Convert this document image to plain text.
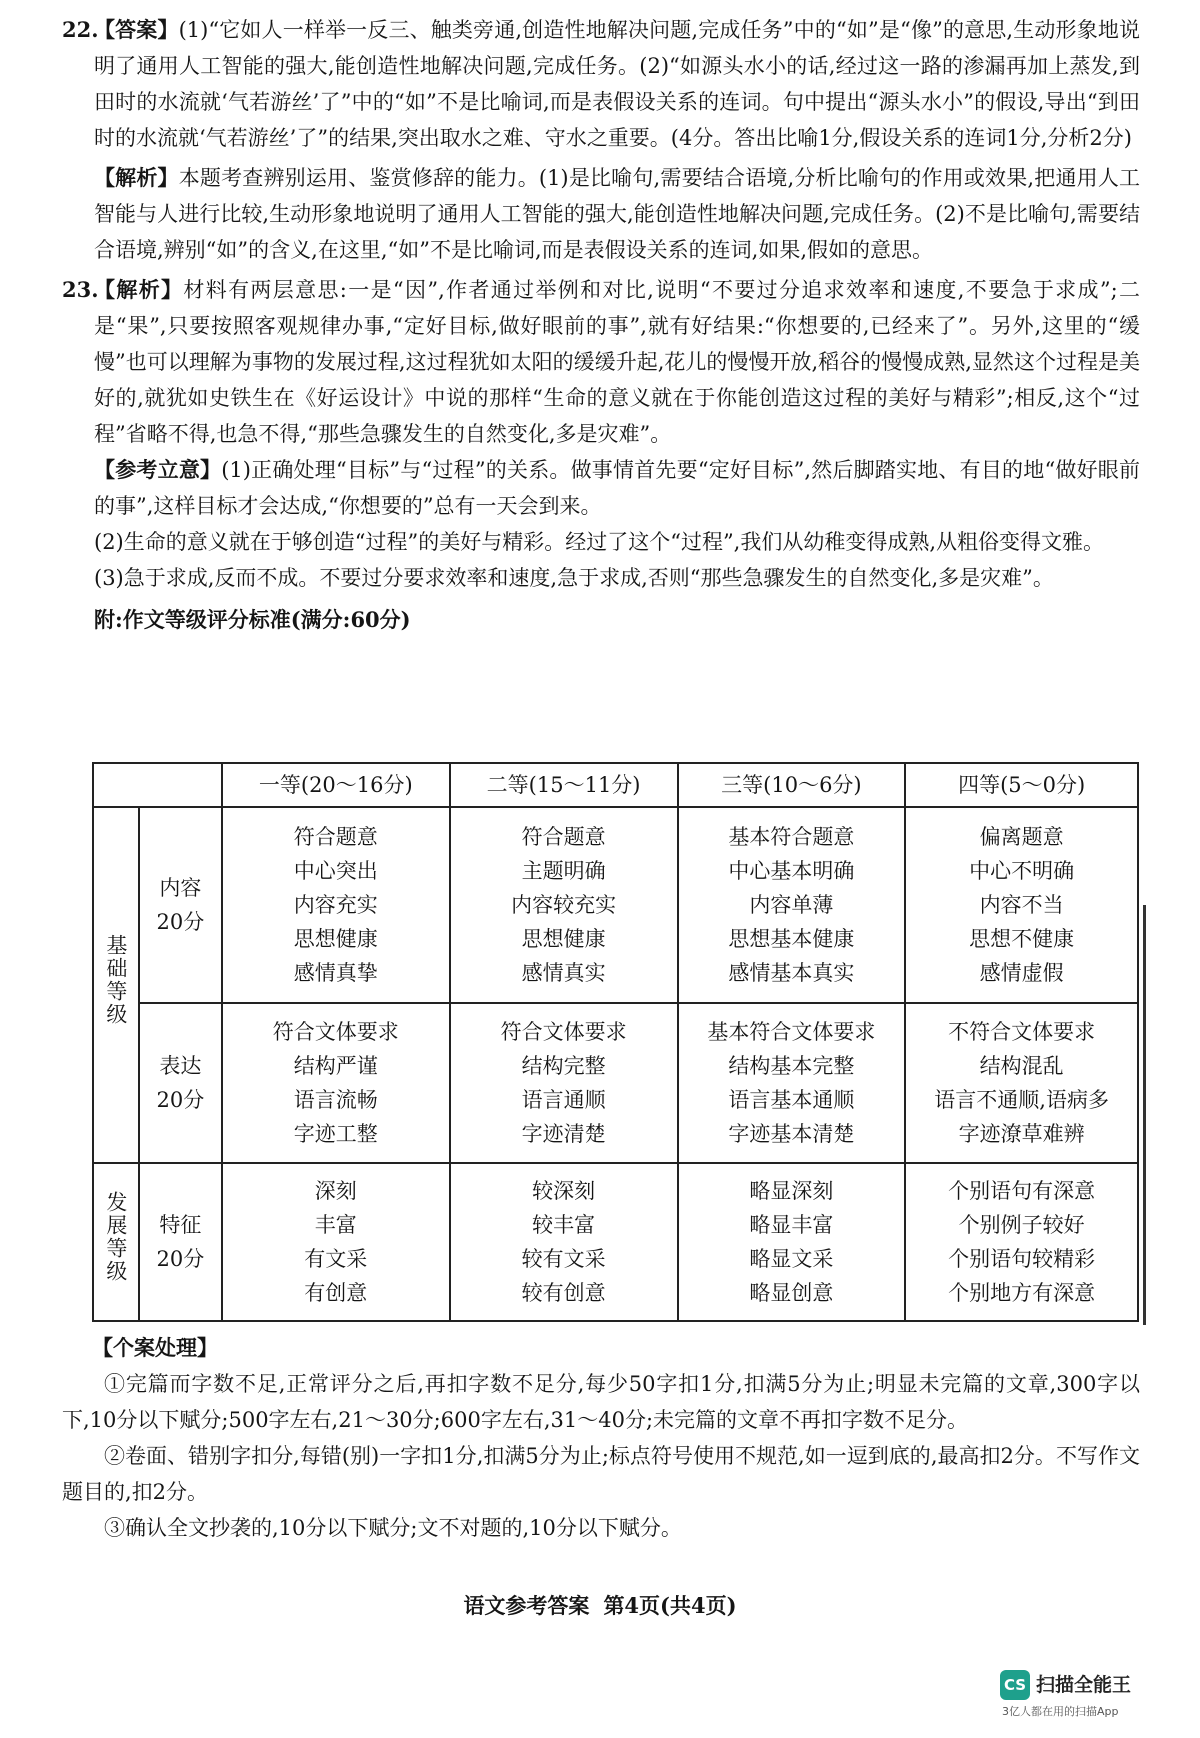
22.
【答案】(1)“它如人一样举一反三、触类旁通,创造性地解决问题,完成任务”中的“如”是“像”的意思,生动形象地说明了通用人工智能的强大,能创造性地解决问题,完成任务。(2)“如源头水小的话,经过这一路的渗漏再加上蒸发,到田时的水流就‘气若游丝’了”中的“如”不是比喻词,而是表假设关系的连词。句中提出“源头水小”的假设,导出“到田时的水流就‘气若游丝’了”的结果,突出取水之难、守水之重要。(4分。答出比喻1分,假设关系的连词1分,分析2分)
【解析】本题考查辨别运用、鉴赏修辞的能力。(1)是比喻句,需要结合语境,分析比喻句的作用或效果,把通用人工智能与人进行比较,生动形象地说明了通用人工智能的强大,能创造性地解决问题,完成任务。(2)不是比喻句,需要结合语境,辨别“如”的含义,在这里,“如”不是比喻词,而是表假设关系的连词,如果,假如的意思。
23.
【解析】材料有两层意思:一是“因”,作者通过举例和对比,说明“不要过分追求效率和速度,不要急于求成”;二是“果”,只要按照客观规律办事,“定好目标,做好眼前的事”,就有好结果:“你想要的,已经来了”。另外,这里的“缓慢”也可以理解为事物的发展过程,这过程犹如太阳的缓缓升起,花儿的慢慢开放,稻谷的慢慢成熟,显然这个过程是美好的,就犹如史铁生在《好运设计》中说的那样“生命的意义就在于你能创造这过程的美好与精彩”;相反,这个“过程”省略不得,也急不得,“那些急骤发生的自然变化,多是灾难”。
【参考立意】(1)正确处理“目标”与“过程”的关系。做事情首先要“定好目标”,然后脚踏实地、有目的地“做好眼前的事”,这样目标才会达成,“你想要的”总有一天会到来。
(2)生命的意义就在于够创造“过程”的美好与精彩。经过了这个“过程”,我们从幼稚变得成熟,从粗俗变得文雅。
(3)急于求成,反而不成。不要过分要求效率和速度,急于求成,否则“那些急骤发生的自然变化,多是灾难”。
附:作文等级评分标准(满分:60分)
		一等(20～16分)	二等(15～11分)	三等(10～6分)	四等(5～0分)
基础等级	内容
20分	符合题意
中心突出
内容充实
思想健康
感情真挚	符合题意
主题明确
内容较充实
思想健康
感情真实	基本符合题意
中心基本明确
内容单薄
思想基本健康
感情基本真实	偏离题意
中心不明确
内容不当
思想不健康
感情虚假

	表达
20分	符合文体要求
结构严谨
语言流畅
字迹工整	符合文体要求
结构完整
语言通顺
字迹清楚	基本符合文体要求
结构基本完整
语言基本通顺
字迹基本清楚	不符合文体要求
结构混乱
语言不通顺,语病多
字迹潦草难辨

发展等级	特征
20分	深刻
丰富
有文采
有创意	较深刻
较丰富
较有文采
较有创意	略显深刻
略显丰富
略显文采
略显创意	个别语句有深意
个别例子较好
个别语句较精彩
个别地方有深意
【个案处理】
①完篇而字数不足,正常评分之后,再扣字数不足分,每少50字扣1分,扣满5分为止;明显未完篇的文章,300字以下,10分以下赋分;500字左右,21～30分;600字左右,31～40分;未完篇的文章不再扣字数不足分。
②卷面、错别字扣分,每错(别)一字扣1分,扣满5分为止;标点符号使用不规范,如一逗到底的,最高扣2分。不写作文题目的,扣2分。
③确认全文抄袭的,10分以下赋分;文不对题的,10分以下赋分。
语文参考答案 第4页(共4页)
CS 扫描全能王
3亿人都在用的扫描App
